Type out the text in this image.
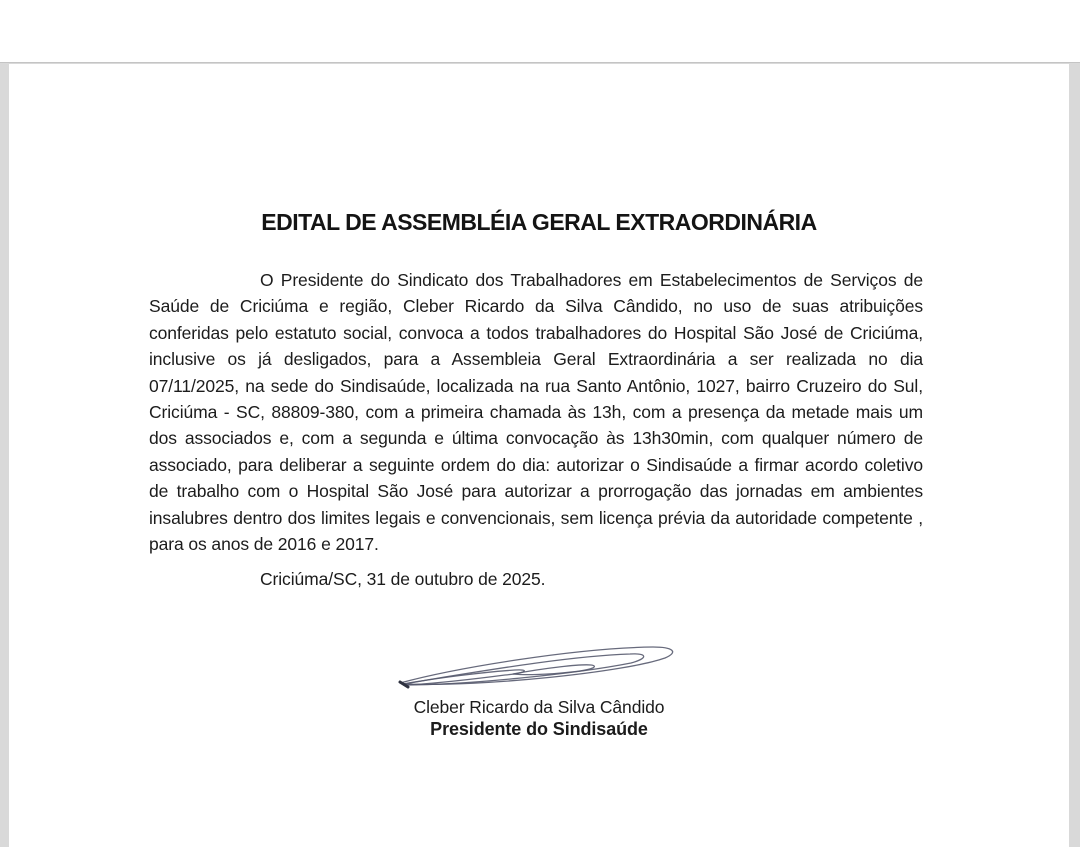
EDITAL DE ASSEMBLÉIA GERAL EXTRAORDINÁRIA
O Presidente do Sindicato dos Trabalhadores em Estabelecimentos de Serviços de
Saúde de Criciúma e região, Cleber Ricardo da Silva Cândido, no uso de suas atribuições
conferidas pelo estatuto social, convoca a todos trabalhadores do Hospital São José de Criciúma,
inclusive os já desligados, para a Assembleia Geral Extraordinária a ser realizada no dia
07/11/2025, na sede do Sindisaúde, localizada na rua Santo Antônio, 1027, bairro Cruzeiro do Sul,
Criciúma - SC, 88809-380, com a primeira chamada às 13h, com a presença da metade mais um
dos associados e, com a segunda e última convocação às 13h30min, com qualquer número de
associado, para deliberar a seguinte ordem do dia: autorizar o Sindisaúde a firmar acordo coletivo
de trabalho com o Hospital São José para autorizar a prorrogação das jornadas em ambientes
insalubres dentro dos limites legais e convencionais, sem licença prévia da autoridade competente ,
para os anos de 2016 e 2017.
Criciúma/SC, 31 de outubro de 2025.
Cleber Ricardo da Silva Cândido
Presidente do Sindisaúde
